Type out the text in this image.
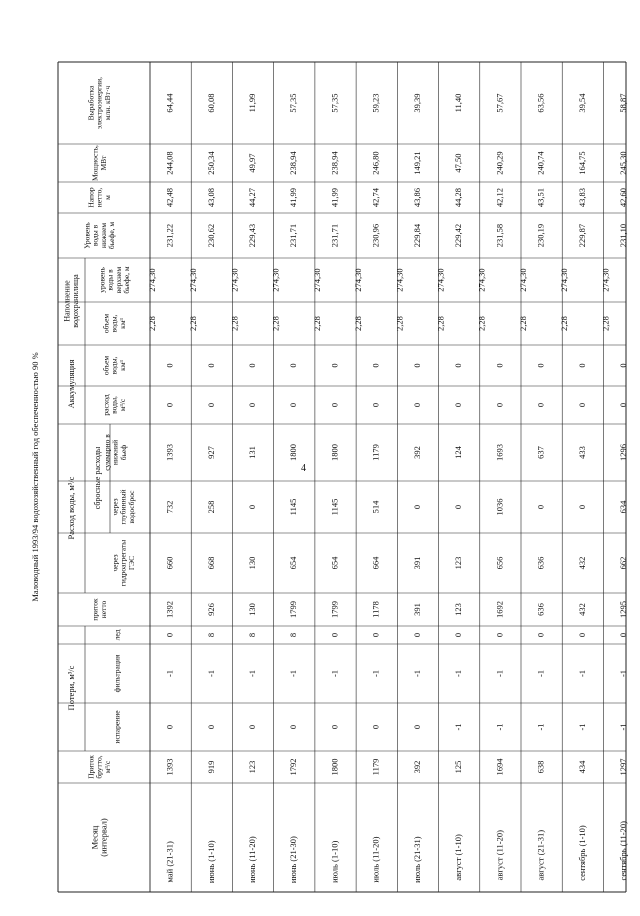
4
Маловодный 1993/94 водохозяйственный год обеспеченностью 90 %
Потери, м³/с
Расход воды, м³/с сбросные расходы
Аккумуляция
Наполнение водохранилища
Месяц (интервал)
Приток брутто, м³/с
испарение
фильтрация
лед
приток нетто
через гидроагрегаты ГЭС
через глубинный водосброс
суммарно в нижний бьеф
расход воды, м³/с
объем воды, км³
объем воды, км³
уровень воды в верхнем бьефе, м
Уровень воды в нижнем бьефе, м
Напор нетто, м
Мощность, МВт
Выработка электроэнергии, млн. кВт·ч
май (21-31)
1393
0
-1
0
1392
660
732
1393
0
0
2,28
274,30
231,22
42,48
244,08
64,44
июнь (1-10)
919
0
-1
8
926
668
258
927
0
0
2,28
274,30
230,62
43,08
250,34
60,08
июнь (11-20)
123
0
-1
8
130
130
0
131
0
0
2,28
274,30
229,43
44,27
49,97
11,99
июнь (21-30)
1792
0
-1
8
1799
654
1145
1800
0
0
2,28
274,30
231,71
41,99
238,94
57,35
июль (1-10)
1800
0
-1
0
1799
654
1145
1800
0
0
2,28
274,30
231,71
41,99
238,94
57,35
июль (11-20)
1179
0
-1
0
1178
664
514
1179
0
0
2,28
274,30
230,96
42,74
246,80
59,23
июль (21-31)
392
0
-1
0
391
391
0
392
0
0
2,28
274,30
229,84
43,86
149,21
39,39
август (1-10)
125
-1
-1
0
123
123
0
124
0
0
2,28
274,30
229,42
44,28
47,50
11,40
август (11-20)
1694
-1
-1
0
1692
656
1036
1693
0
0
2,28
274,30
231,58
42,12
240,29
57,67
август (21-31)
638
-1
-1
0
636
636
0
637
0
0
2,28
274,30
230,19
43,51
240,74
63,56
сентябрь (1-10)
434
-1
-1
0
432
432
0
433
0
0
2,28
274,30
229,87
43,83
164,75
39,54
сентябрь (11-20)
1297
-1
-1
0
1295
662
634
1296
0
0
2,28
274,30
231,10
42,60
245,30
58,87
